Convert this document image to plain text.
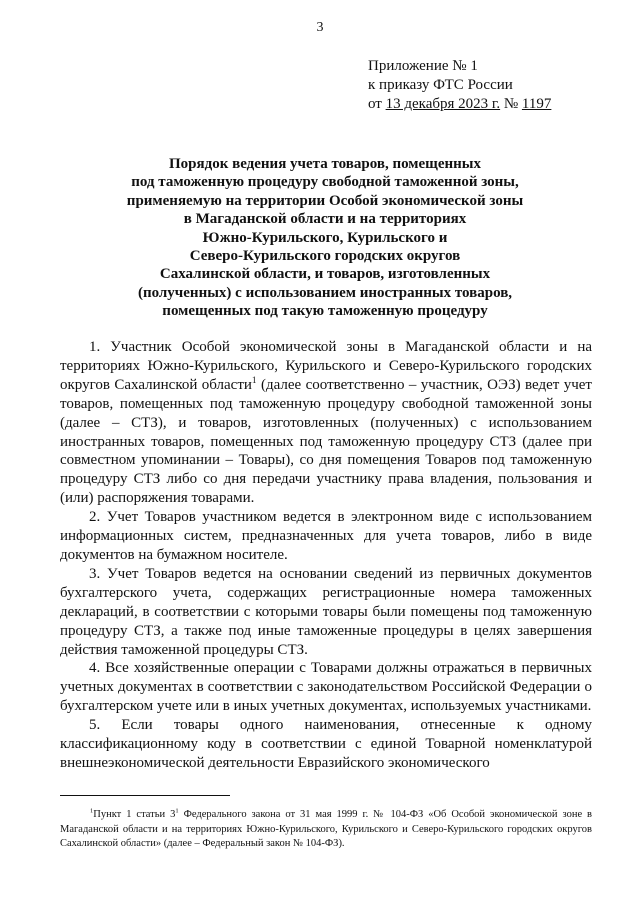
3
Приложение № 1
к приказу ФТС России
от 13 декабря 2023 г. № 1197
Порядок ведения учета товаров, помещенных
под таможенную процедуру свободной таможенной зоны,
применяемую на территории Особой экономической зоны
в Магаданской области и на территориях
Южно-Курильского, Курильского и
Северо-Курильского городских округов
Сахалинской области, и товаров, изготовленных
(полученных) с использованием иностранных товаров,
помещенных под такую таможенную процедуру

1. Участник Особой экономической зоны в Магаданской области и на территориях Южно-Курильского, Курильского и Северо-Курильского городских округов Сахалинской области$^1$ (далее соответственно – участник, ОЭЗ) ведет учет товаров, помещенных под таможенную процедуру свободной таможенной зоны (далее – СТЗ), и товаров, изготовленных (полученных) с использованием иностранных товаров, помещенных под таможенную процедуру СТЗ (далее при совместном упоминании – Товары), со дня помещения Товаров под таможенную процедуру СТЗ либо со дня передачи участнику права владения, пользования и (или) распоряжения товарами.

2. Учет Товаров участником ведется в электронном виде с использованием информационных систем, предназначенных для учета товаров, либо в виде документов на бумажном носителе.

3. Учет Товаров ведется на основании сведений из первичных документов бухгалтерского учета, содержащих регистрационные номера таможенных деклараций, в соответствии с которыми товары были помещены под таможенную процедуру СТЗ, а также под иные таможенные процедуры в целях завершения действия таможенной процедуры СТЗ.

4. Все хозяйственные операции с Товарами должны отражаться в первичных учетных документах в соответствии с законодательством Российской Федерации о бухгалтерском учете или в иных учетных документах, используемых участниками.

5. Если товары одного наименования, отнесенные к одному классификационному коду в соответствии с единой Товарной номенклатурой внешнеэкономической деятельности Евразийского экономического

$^1$Пункт 1 статьи $3^1$ Федерального закона от 31 мая 1999 г. № 104-ФЗ «Об Особой экономической зоне в Магаданской области и на территориях Южно-Курильского, Курильского и Северо-Курильского городских округов Сахалинской области» (далее – Федеральный закон № 104-ФЗ).
